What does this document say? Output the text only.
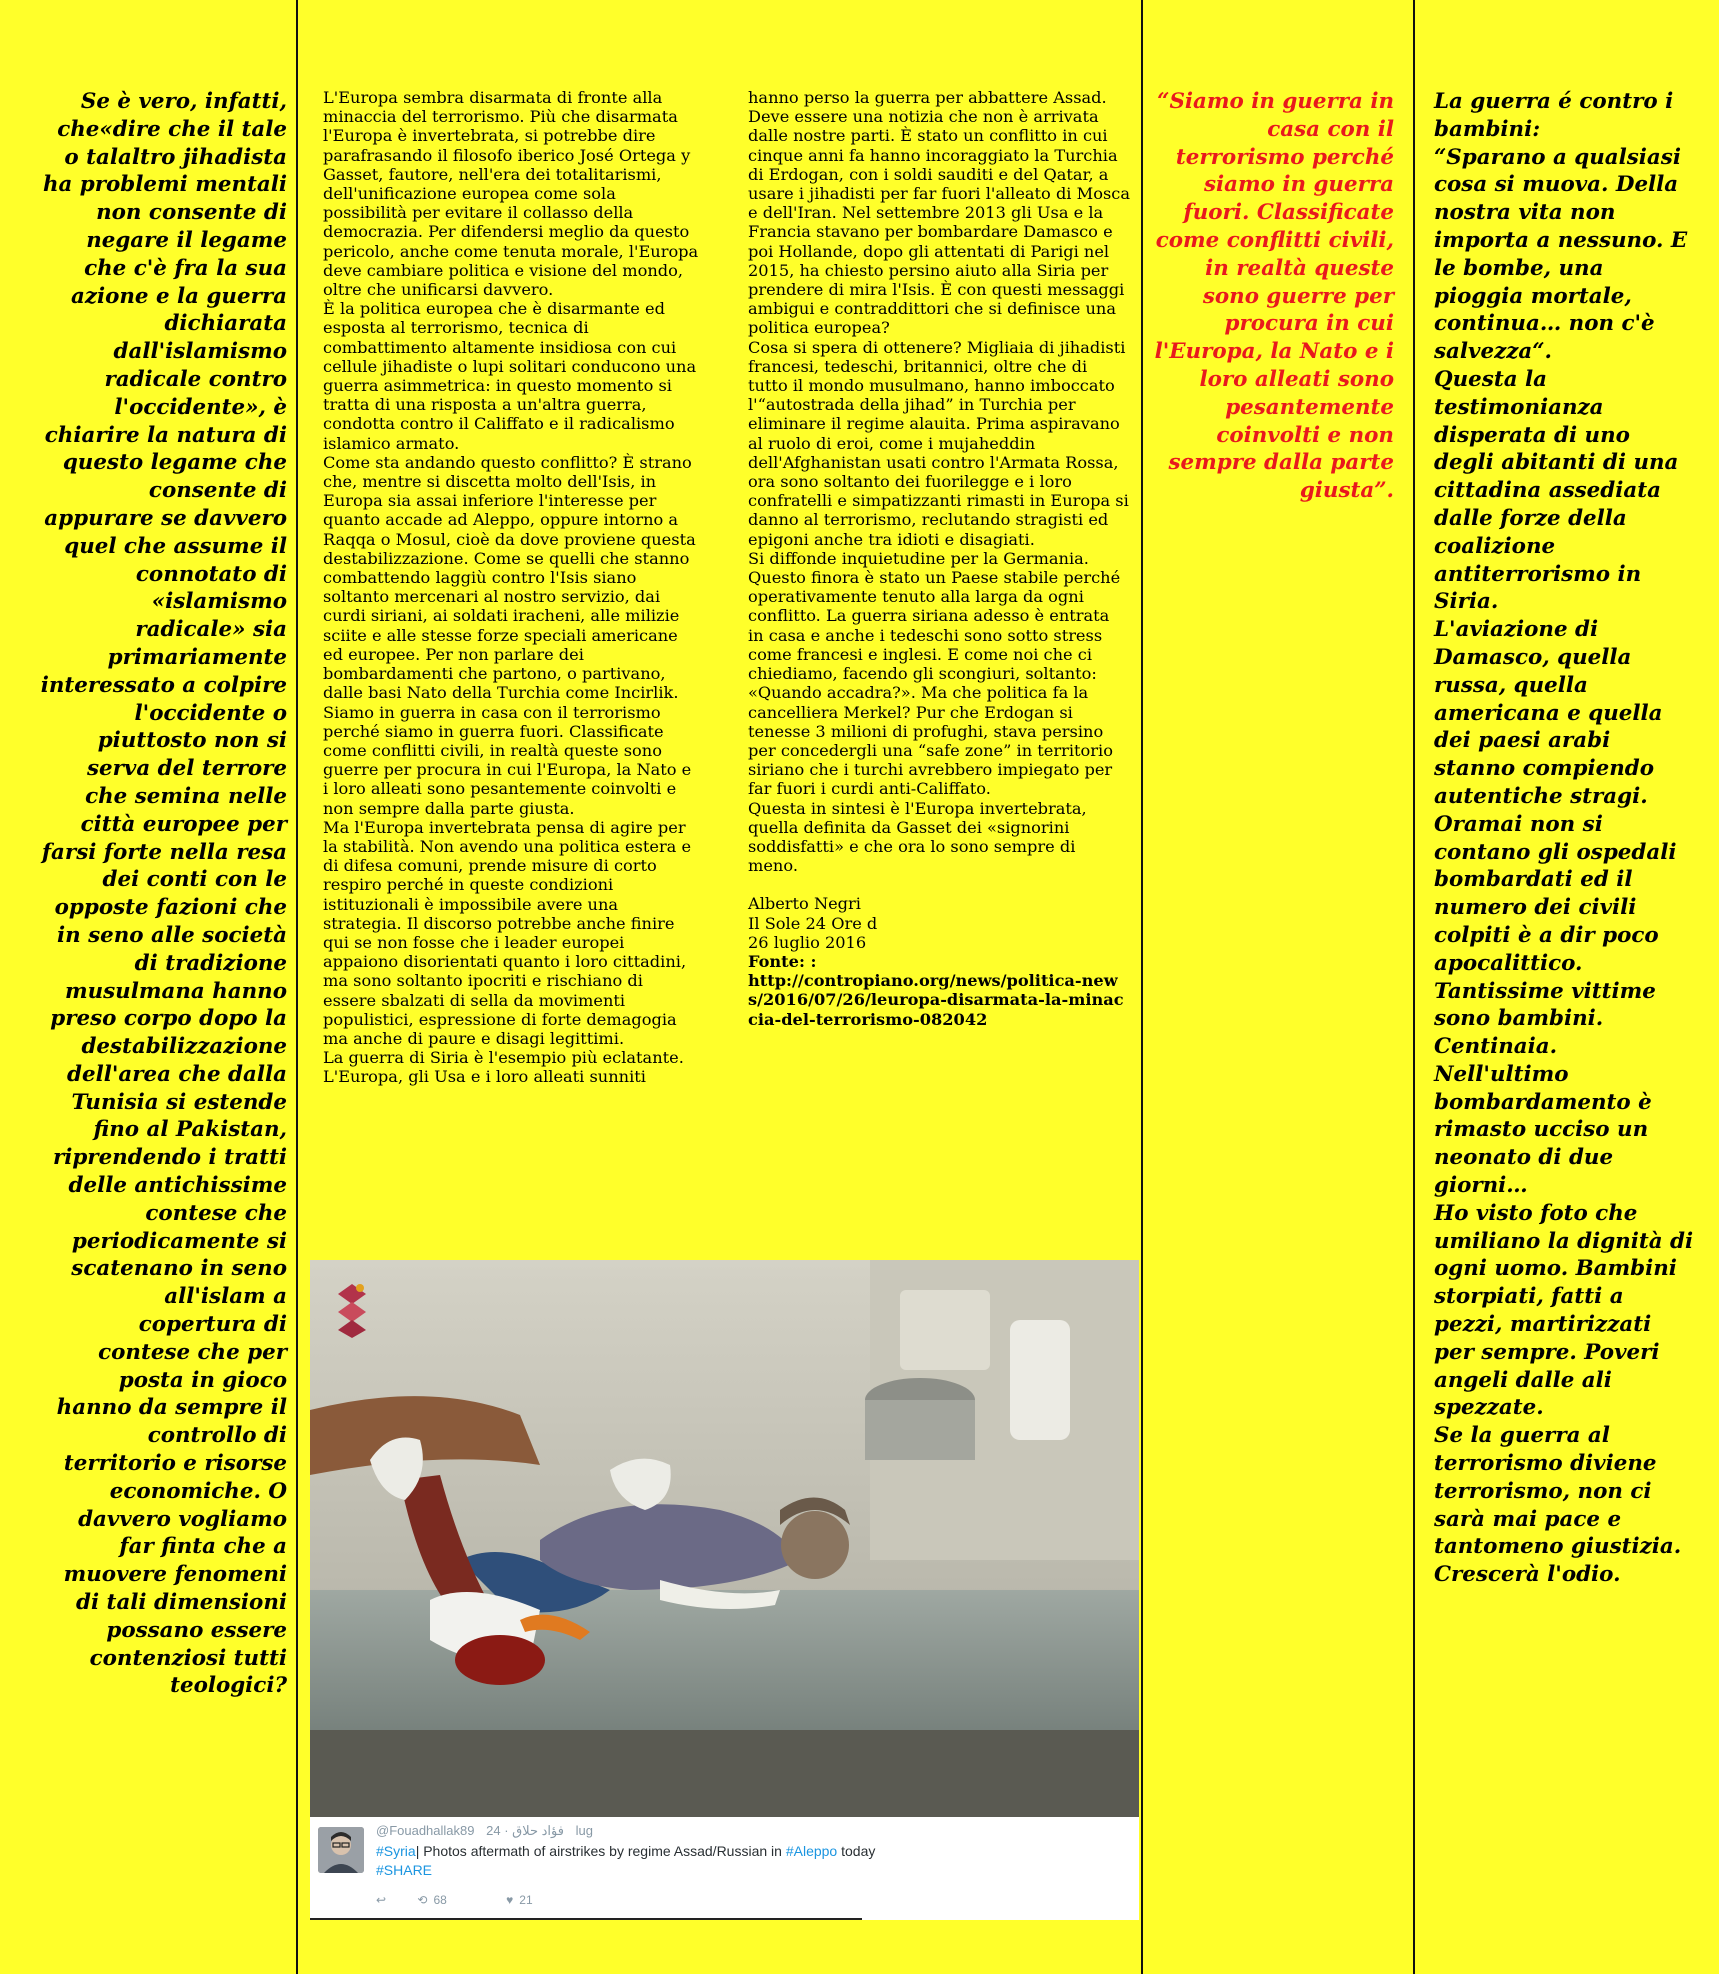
Se è vero, infatti, che«dire che il tale o talaltro jihadista ha problemi mentali non consente di negare il legame che c'è fra la sua azione e la guerra dichiarata dall'islamismo radicale contro l'occidente», è chiarire la natura di questo legame che consente di appurare se davvero quel che assume il connotato di «islamismo radicale» sia primariamente interessato a colpire l'occidente o piuttosto non si serva del terrore che semina nelle città europee per farsi forte nella resa dei conti con le opposte fazioni che in seno alle società di tradizione musulmana hanno preso corpo dopo la destabilizzazione dell'area che dalla Tunisia si estende fino al Pakistan, riprendendo i tratti delle antichissime contese che periodicamente si scatenano in seno all'islam a copertura di contese che per posta in gioco hanno da sempre il controllo di territorio e risorse economiche. O davvero vogliamo far finta che a muovere fenomeni di tali dimensioni possano essere contenziosi tutti teologici?

L'Europa sembra disarmata di fronte alla minaccia del terrorismo. Più che disarmata l'Europa è invertebrata, si potrebbe dire parafrasando il filosofo iberico José Ortega y Gasset, fautore, nell'era dei totalitarismi, dell'unificazione europea come sola possibilità per evitare il collasso della democrazia. Per difendersi meglio da questo pericolo, anche come tenuta morale, l'Europa deve cambiare politica e visione del mondo, oltre che unificarsi davvero.

È la politica europea che è disarmante ed esposta al terrorismo, tecnica di combattimento altamente insidiosa con cui cellule jihadiste o lupi solitari conducono una guerra asimmetrica: in questo momento si tratta di una risposta a un'altra guerra, condotta contro il Califfato e il radicalismo islamico armato.

Come sta andando questo conflitto? È strano che, mentre si discetta molto dell'Isis, in Europa sia assai inferiore l'interesse per quanto accade ad Aleppo, oppure intorno a Raqqa o Mosul, cioè da dove proviene questa destabilizzazione. Come se quelli che stanno combattendo laggiù contro l'Isis siano soltanto mercenari al nostro servizio, dai curdi siriani, ai soldati iracheni, alle milizie sciite e alle stesse forze speciali americane ed europee. Per non parlare dei bombardamenti che partono, o partivano, dalle basi Nato della Turchia come Incirlik.

Siamo in guerra in casa con il terrorismo perché siamo in guerra fuori. Classificate come conflitti civili, in realtà queste sono guerre per procura in cui l'Europa, la Nato e i loro alleati sono pesantemente coinvolti e non sempre dalla parte giusta.

Ma l'Europa invertebrata pensa di agire per la stabilità. Non avendo una politica estera e di difesa comuni, prende misure di corto respiro perché in queste condizioni istituzionali è impossibile avere una strategia. Il discorso potrebbe anche finire qui se non fosse che i leader europei appaiono disorientati quanto i loro cittadini, ma sono soltanto ipocriti e rischiano di essere sbalzati di sella da movimenti populistici, espressione di forte demagogia ma anche di paure e disagi legittimi.

La guerra di Siria è l'esempio più eclatante. L'Europa, gli Usa e i loro alleati sunniti

hanno perso la guerra per abbattere Assad. Deve essere una notizia che non è arrivata dalle nostre parti. È stato un conflitto in cui cinque anni fa hanno incoraggiato la Turchia di Erdogan, con i soldi sauditi e del Qatar, a usare i jihadisti per far fuori l'alleato di Mosca e dell'Iran. Nel settembre 2013 gli Usa e la Francia stavano per bombardare Damasco e poi Hollande, dopo gli attentati di Parigi nel 2015, ha chiesto persino aiuto alla Siria per prendere di mira l'Isis. È con questi messaggi ambigui e contraddittori che si definisce una politica europea?

Cosa si spera di ottenere? Migliaia di jihadisti francesi, tedeschi, britannici, oltre che di tutto il mondo musulmano, hanno imboccato l'“autostrada della jihad” in Turchia per eliminare il regime alauita. Prima aspiravano al ruolo di eroi, come i mujaheddin dell'Afghanistan usati contro l'Armata Rossa, ora sono soltanto dei fuorilegge e i loro confratelli e simpatizzanti rimasti in Europa si danno al terrorismo, reclutando stragisti ed epigoni anche tra idioti e disagiati.

Si diffonde inquietudine per la Germania. Questo finora è stato un Paese stabile perché operativamente tenuto alla larga da ogni conflitto. La guerra siriana adesso è entrata in casa e anche i tedeschi sono sotto stress come francesi e inglesi. E come noi che ci chiediamo, facendo gli scongiuri, soltanto: «Quando accadra?». Ma che politica fa la cancelliera Merkel? Pur che Erdogan si tenesse 3 milioni di profughi, stava persino per concedergli una “safe zone” in territorio siriano che i turchi avrebbero impiegato per far fuori i curdi anti-Califfato.

Questa in sintesi è l'Europa invertebrata, quella definita da Gasset dei «signorini soddisfatti» e che ora lo sono sempre di meno.

Alberto Negri
Il Sole 24 Ore d
26 luglio 2016
Fonte: :
http://contropiano.org/news/politica-news/2016/07/26/leuropa-disarmata-la-minaccia-del-terrorismo-082042
“Siamo in guerra in casa con il terrorismo perché siamo in guerra fuori. Classificate come conflitti civili, in realtà queste sono guerre per procura in cui l'Europa, la Nato e i loro alleati sono pesantemente coinvolti e non sempre dalla parte giusta”.

La guerra é contro i bambini:

“Sparano a qualsiasi cosa si muova. Della nostra vita non importa a nessuno. E le bombe, una pioggia mortale, continua… non c'è salvezza“.

Questa la testimonianza disperata di uno degli abitanti di una cittadina assediata dalle forze della coalizione antiterrorismo in Siria.

L'aviazione di Damasco, quella russa, quella americana e quella dei paesi arabi stanno compiendo autentiche stragi.

Oramai non si contano gli ospedali bombardati ed il numero dei civili colpiti è a dir poco apocalittico.

Tantissime vittime sono bambini. Centinaia. Nell'ultimo bombardamento è rimasto ucciso un neonato di due giorni…

Ho visto foto che umiliano la dignità di ogni uomo. Bambini storpiati, fatti a pezzi, martirizzati per sempre. Poveri angeli dalle ali spezzate.

Se la guerra al terrorismo diviene terrorismo, non ci sarà mai pace e tantomeno giustizia. Crescerà l'odio.

@Fouadhallak89	فؤاد حلاق · 24 lug
#Syria| Photos aftermath of airstrikes by regime Assad/Russian in #Aleppo today
#SHARE
↩	⟲ 68	♥ 21
